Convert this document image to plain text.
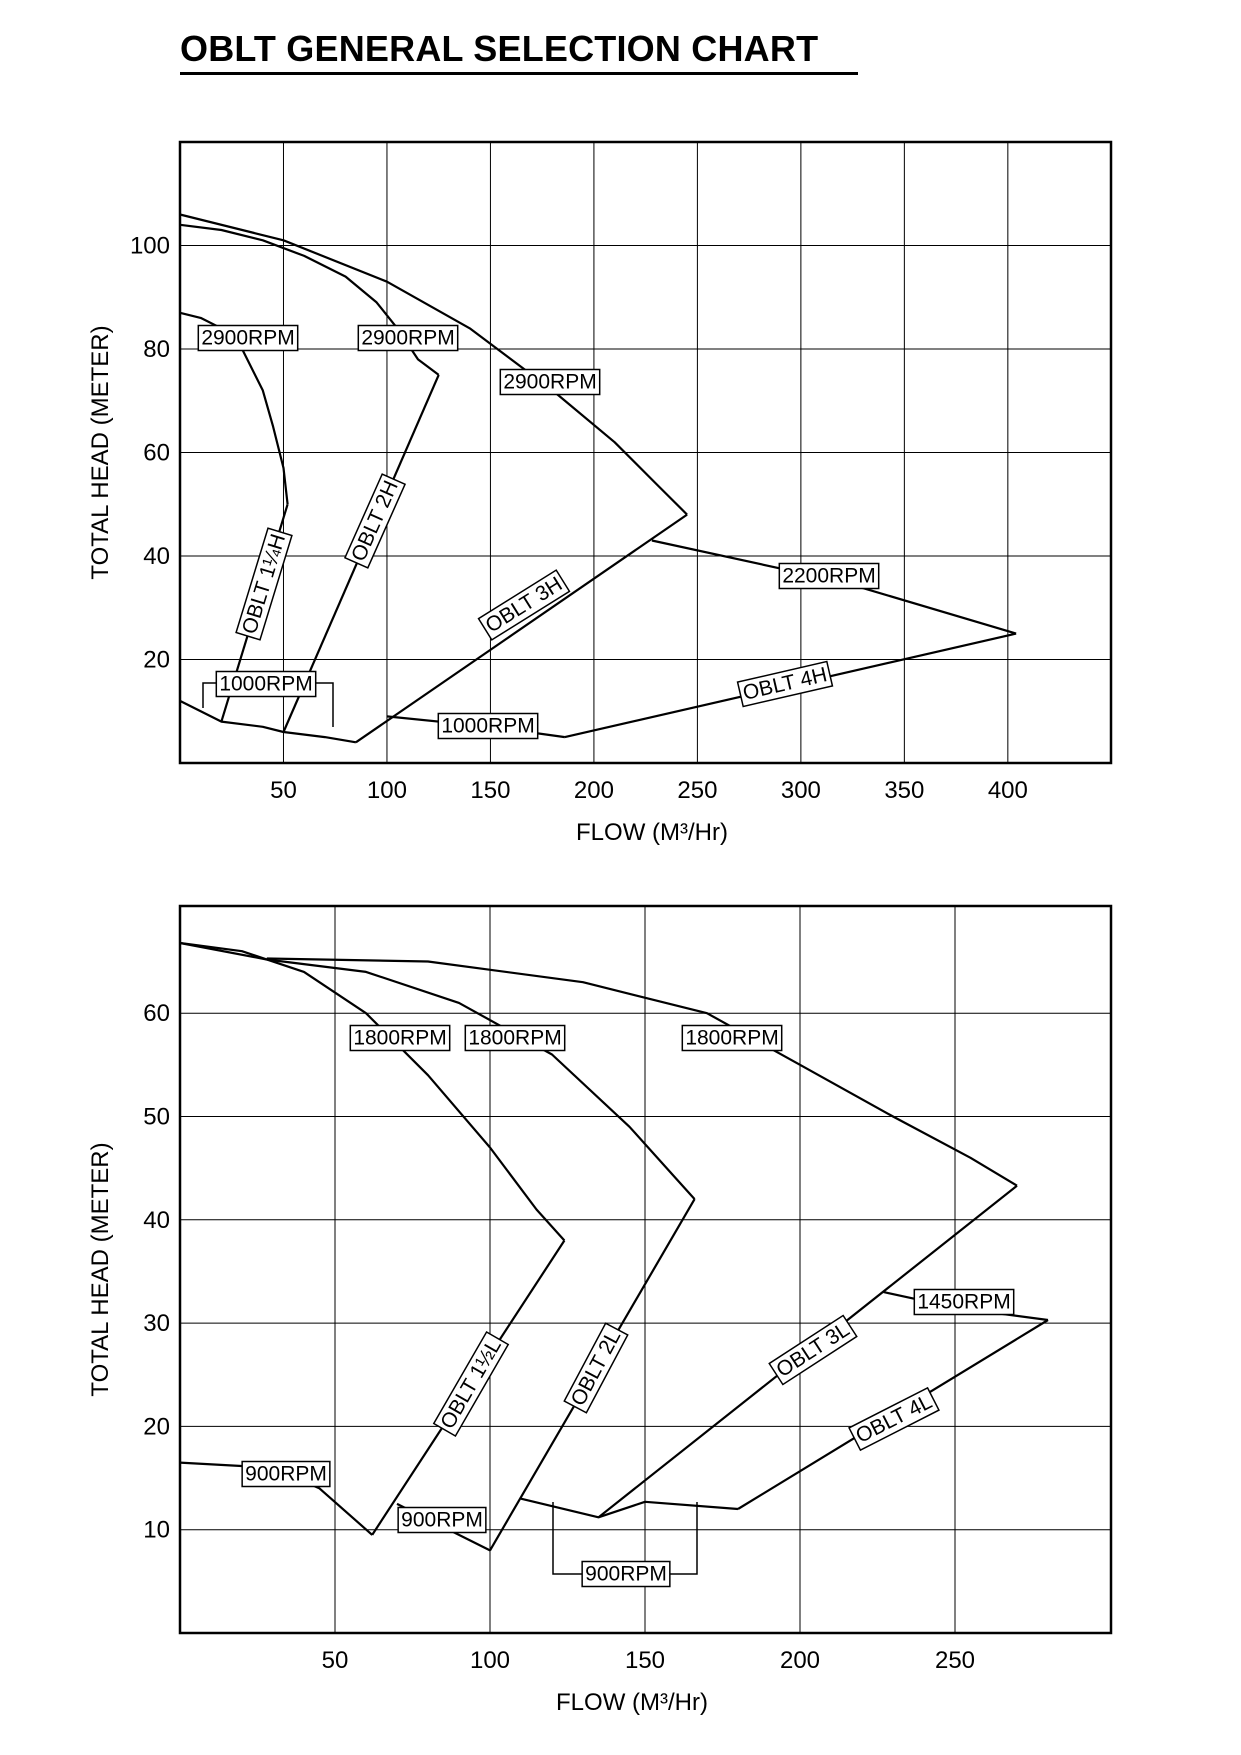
OBLT GENERAL SELECTION CHART
50	100	150	200	250	300	350	400
20
40
60
80
100
FLOW (M³/Hr)
TOTAL HEAD (METER)	2900RPM	2900RPM
2900RPM
2200RPM
1000RPM
1000RPM
OBLT 1¼H
OBLT 2H
OBLT 3H
OBLT 4H
50	100	150	200	250
10
20
30
40
50
60
FLOW (M³/Hr)
TOTAL HEAD (METER)
1800RPM 1800RPM	1800RPM
1450RPM
900RPM
900RPM
900RPM
OBLT 1½L	OBLT 2L	OBLT 3L
OBLT 4L
